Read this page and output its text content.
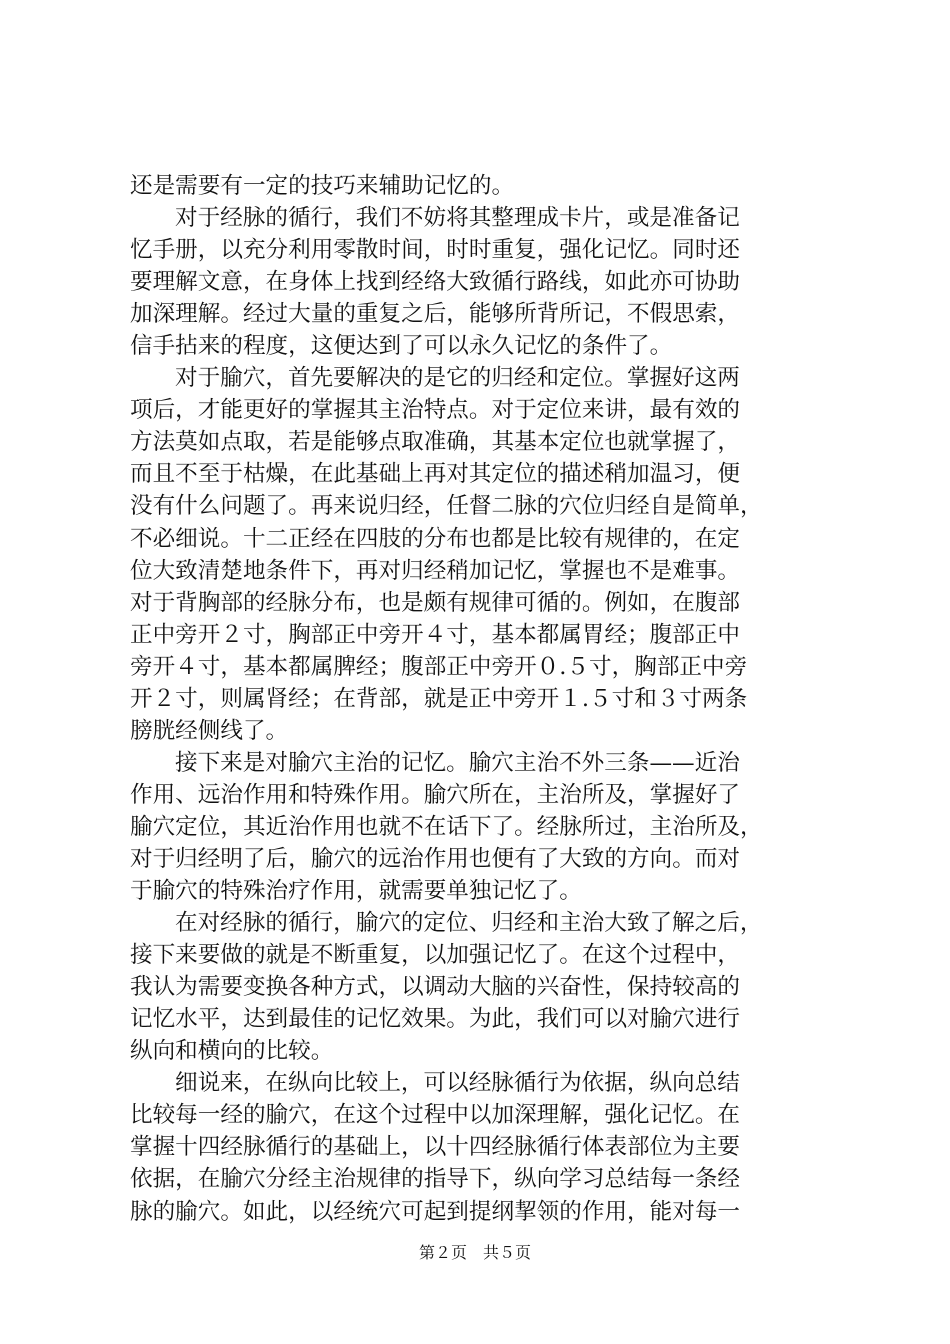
还是需要有一定的技巧来辅助记忆的。
对于经脉的循行，我们不妨将其整理成卡片，或是准备记
忆手册，以充分利用零散时间，时时重复，强化记忆。同时还
要理解文意，在身体上找到经络大致循行路线，如此亦可协助
加深理解。经过大量的重复之后，能够所背所记，不假思索，
信手拈来的程度，这便达到了可以永久记忆的条件了。
对于腧穴，首先要解决的是它的归经和定位。掌握好这两
项后，才能更好的掌握其主治特点。对于定位来讲，最有效的
方法莫如点取，若是能够点取准确，其基本定位也就掌握了，
而且不至于枯燥，在此基础上再对其定位的描述稍加温习，便
没有什么问题了。再来说归经，任督二脉的穴位归经自是简单，
不必细说。十二正经在四肢的分布也都是比较有规律的，在定
位大致清楚地条件下，再对归经稍加记忆，掌握也不是难事。
对于背胸部的经脉分布，也是颇有规律可循的。例如，在腹部
正中旁开２寸，胸部正中旁开４寸，基本都属胃经；腹部正中
旁开４寸，基本都属脾经；腹部正中旁开０.５寸，胸部正中旁
开２寸，则属肾经；在背部，就是正中旁开１.５寸和３寸两条
膀胱经侧线了。
接下来是对腧穴主治的记忆。腧穴主治不外三条——近治
作用、远治作用和特殊作用。腧穴所在，主治所及，掌握好了
腧穴定位，其近治作用也就不在话下了。经脉所过，主治所及，
对于归经明了后，腧穴的远治作用也便有了大致的方向。而对
于腧穴的特殊治疗作用，就需要单独记忆了。
在对经脉的循行，腧穴的定位、归经和主治大致了解之后，
接下来要做的就是不断重复，以加强记忆了。在这个过程中，
我认为需要变换各种方式，以调动大脑的兴奋性，保持较高的
记忆水平，达到最佳的记忆效果。为此，我们可以对腧穴进行
纵向和横向的比较。
细说来，在纵向比较上，可以经脉循行为依据，纵向总结
比较每一经的腧穴，在这个过程中以加深理解，强化记忆。在
掌握十四经脉循行的基础上，以十四经脉循行体表部位为主要
依据，在腧穴分经主治规律的指导下，纵向学习总结每一条经
脉的腧穴。如此，以经统穴可起到提纲挈领的作用，能对每一
第２页　共５页
